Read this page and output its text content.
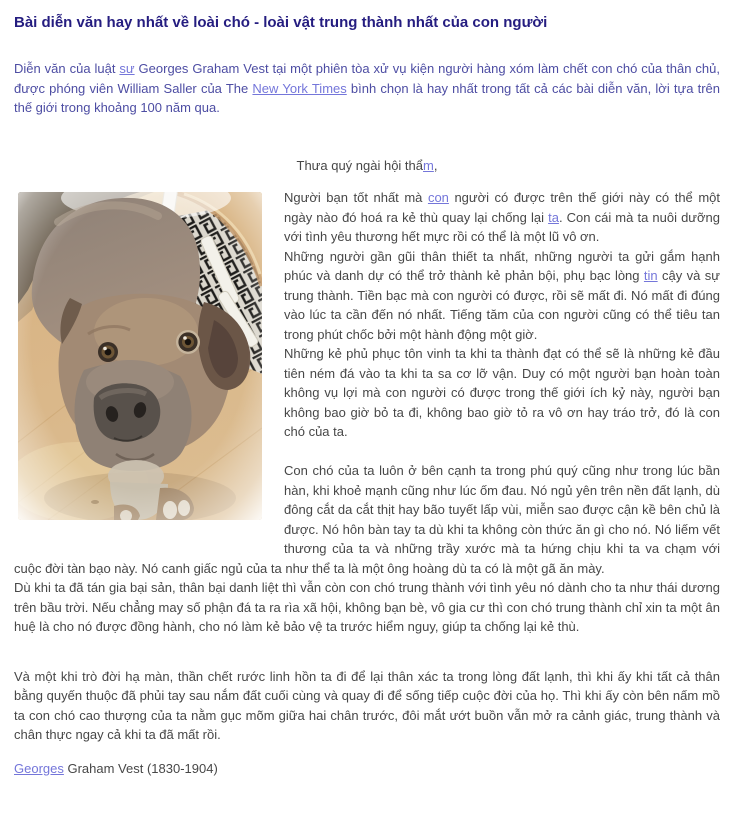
Bài diễn văn hay nhất về loài chó - loài vật trung thành nhất của con người

Diễn văn của luật sư Georges Graham Vest tại một phiên tòa xử vụ kiện người hàng xóm làm chết con chó của thân chủ, được phóng viên William Saller của The New York Times bình chọn là hay nhất trong tất cả các bài diễn văn, lời tựa trên thế giới trong khoảng 100 năm qua.

Thưa quý ngài hội thẩm,

Người bạn tốt nhất mà con người có được trên thế giới này có thể một ngày nào đó hoá ra kẻ thù quay lại chống lại ta. Con cái mà ta nuôi dưỡng với tình yêu thương hết mực rồi có thể là một lũ vô ơn.

Những người gần gũi thân thiết ta nhất, những người ta gửi gắm hạnh phúc và danh dự có thể trở thành kẻ phản bội, phụ bạc lòng tin cậy và sự trung thành. Tiền bạc mà con người có được, rồi sẽ mất đi. Nó mất đi đúng vào lúc ta cần đến nó nhất. Tiếng tăm của con người cũng có thể tiêu tan trong phút chốc bởi một hành động một giờ.

Những kẻ phủ phục tôn vinh ta khi ta thành đạt có thể sẽ là những kẻ đầu tiên ném đá vào ta khi ta sa cơ lỡ vận. Duy có một người bạn hoàn toàn không vụ lợi mà con người có được trong thế giới ích kỷ này, người bạn không bao giờ bỏ ta đi, không bao giờ tỏ ra vô ơn hay tráo trở, đó là con chó của ta.

Con chó của ta luôn ở bên cạnh ta trong phú quý cũng như trong lúc bần hàn, khi khoẻ mạnh cũng như lúc ốm đau. Nó ngủ yên trên nền đất lạnh, dù đông cắt da cắt thịt hay bão tuyết lấp vùi, miễn sao được cận kề bên chủ là được. Nó hôn bàn tay ta dù khi ta không còn thức ăn gì cho nó. Nó liếm vết thương của ta và những trầy xước mà ta hứng chịu khi ta va chạm với cuộc đời tàn bạo này. Nó canh giấc ngủ của ta như thể ta là một ông hoàng dù ta có là một gã ăn mày.

Dù khi ta đã tán gia bại sản, thân bại danh liệt thì vẫn còn con chó trung thành với tình yêu nó dành cho ta như thái dương trên bầu trời. Nếu chẳng may số phận đá ta ra rìa xã hội, không bạn bè, vô gia cư thì con chó trung thành chỉ xin ta một ân huệ là cho nó được đồng hành, cho nó làm kẻ bảo vệ ta trước hiểm nguy, giúp ta chống lại kẻ thù.

Và một khi trò đời hạ màn, thần chết rước linh hồn ta đi để lại thân xác ta trong lòng đất lạnh, thì khi ấy khi tất cả thân bằng quyến thuộc đã phủi tay sau nắm đất cuối cùng và quay đi để sống tiếp cuộc đời của họ. Thì khi ấy còn bên nấm mồ ta con chó cao thượng của ta nằm gục mõm giữa hai chân trước, đôi mắt ướt buồn vẫn mở ra cảnh giác, trung thành và chân thực ngay cả khi ta đã mất rồi.

Georges Graham Vest (1830-1904)
